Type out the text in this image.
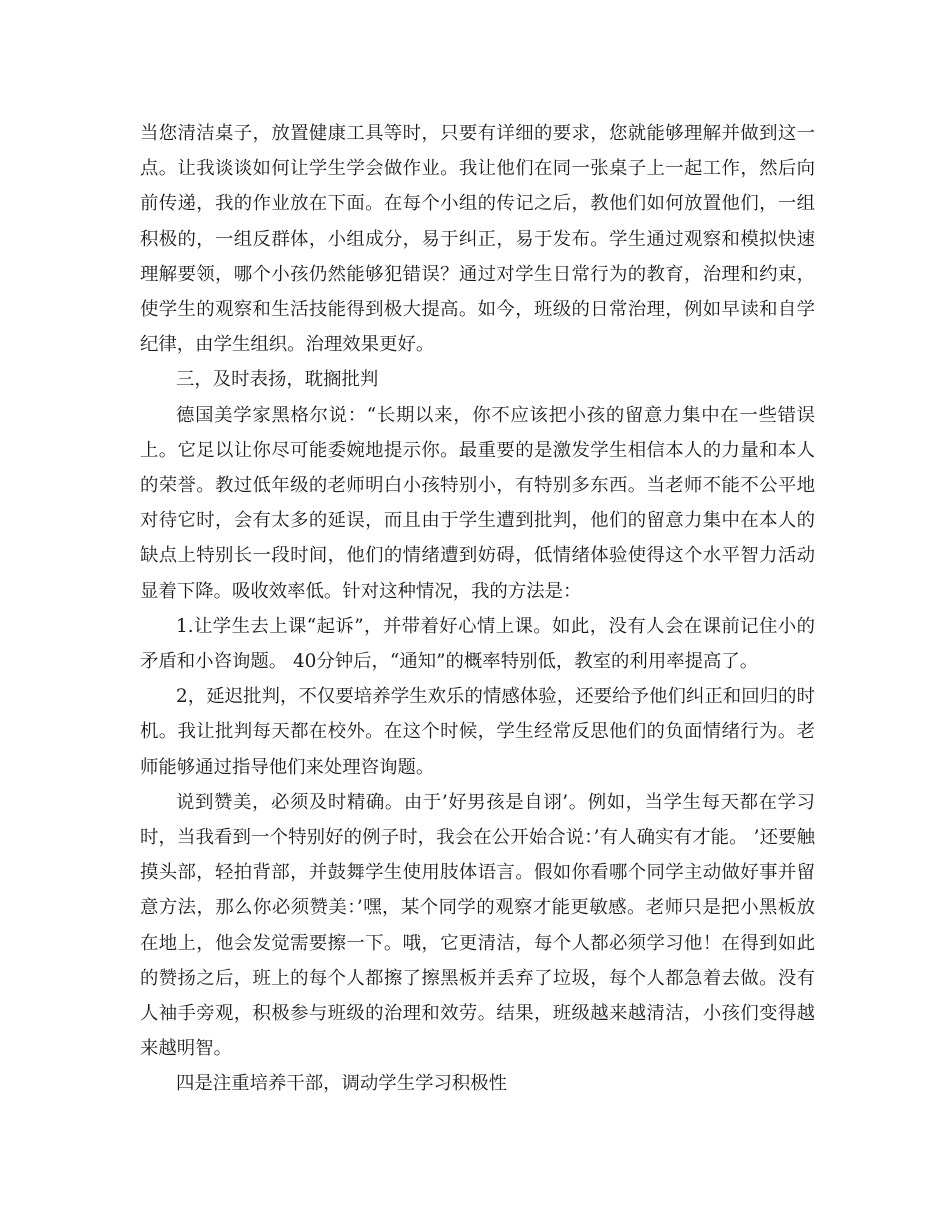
当您清洁桌子，放置健康工具等时，只要有详细的要求，您就能够理解并做到这一点。让我谈谈如何让学生学会做作业。我让他们在同一张桌子上一起工作，然后向前传递，我的作业放在下面。在每个小组的传记之后，教他们如何放置他们，一组积极的，一组反群体，小组成分，易于纠正，易于发布。学生通过观察和模拟快速理解要领，哪个小孩仍然能够犯错误？通过对学生日常行为的教育，治理和约束，使学生的观察和生活技能得到极大提高。如今，班级的日常治理，例如早读和自学纪律，由学生组织。治理效果更好。

三，及时表扬，耽搁批判

德国美学家黑格尔说：“长期以来，你不应该把小孩的留意力集中在一些错误上。它足以让你尽可能委婉地提示你。最重要的是激发学生相信本人的力量和本人的荣誉。教过低年级的老师明白小孩特别小，有特别多东西。当老师不能不公平地对待它时，会有太多的延误，而且由于学生遭到批判，他们的留意力集中在本人的缺点上特别长一段时间，他们的情绪遭到妨碍，低情绪体验使得这个水平智力活动显着下降。吸收效率低。针对这种情况，我的方法是：

1.让学生去上课“起诉”，并带着好心情上课。如此，没有人会在课前记住小的矛盾和小咨询题。 40分钟后，“通知”的概率特别低，教室的利用率提高了。

2，延迟批判，不仅要培养学生欢乐的情感体验，还要给予他们纠正和回归的时机。我让批判每天都在校外。在这个时候，学生经常反思他们的负面情绪行为。老师能够通过指导他们来处理咨询题。

说到赞美，必须及时精确。由于’好男孩是自诩’。例如，当学生每天都在学习时，当我看到一个特别好的例子时，我会在公开始合说：’有人确实有才能。 ’还要触摸头部，轻拍背部，并鼓舞学生使用肢体语言。假如你看哪个同学主动做好事并留意方法，那么你必须赞美：’嘿，某个同学的观察才能更敏感。老师只是把小黑板放在地上，他会发觉需要擦一下。哦，它更清洁，每个人都必须学习他！在得到如此的赞扬之后，班上的每个人都擦了擦黑板并丢弃了垃圾，每个人都急着去做。没有人袖手旁观，积极参与班级的治理和效劳。结果，班级越来越清洁，小孩们变得越来越明智。

四是注重培养干部，调动学生学习积极性
